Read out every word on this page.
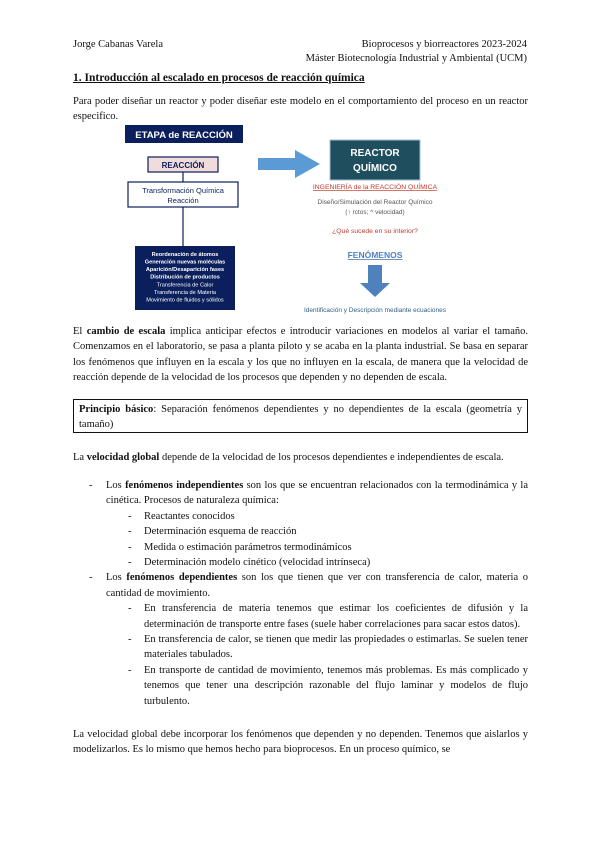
Jorge Cabanas Varela	Bioprocesos y biorreactores 2023-2024
Máster Biotecnología Industrial y Ambiental (UCM)
1. Introducción al escalado en procesos de reacción química
Para poder diseñar un reactor y poder diseñar este modelo en el comportamiento del proceso en un reactor especifico.
ETAPA de REACCIÓN
REACCIÓN
Transformación Química
Reacción
Reordenación de átomos
Generación nuevas moléculas
Aparición/Desaparición fases
Distribución de productos
Transferencia de Calor
Transferencia de Materia
Movimiento de fluidos y sólidos
REACTOR
QUÍMICO
INGENIERÍA de la REACCIÓN QUÍMICA
Diseño/Simulación del Reactor Químico
(↑ rctos; ^ velocidad)
¿Qué sucede en su interior?
FENÓMENOS
Identificación y Descripción mediante ecuaciones
El cambio de escala implica anticipar efectos e introducir variaciones en modelos al variar el tamaño. Comenzamos en el laboratorio, se pasa a planta piloto y se acaba en la planta industrial. Se basa en separar los fenómenos que influyen en la escala y los que no influyen en la escala, de manera que la velocidad de reacción depende de la velocidad de los procesos que dependen y no dependen de escala.
Principio básico: Separación fenómenos dependientes y no dependientes de la escala (geometría y tamaño)
La velocidad global depende de la velocidad de los procesos dependientes e independientes de escala.
- Los fenómenos independientes son los que se encuentran relacionados con la termodinámica y la cinética. Procesos de naturaleza química:
- Reactantes conocidos
- Determinación esquema de reacción
- Medida o estimación parámetros termodinámicos
- Determinación modelo cinético (velocidad intrínseca)
- Los fenómenos dependientes son los que tienen que ver con transferencia de calor, materia o cantidad de movimiento.
- En transferencia de materia tenemos que estimar los coeficientes de difusión y la determinación de transporte entre fases (suele haber correlaciones para sacar estos datos).
- En transferencia de calor, se tienen que medir las propiedades o estimarlas. Se suelen tener materiales tabulados.
- En transporte de cantidad de movimiento, tenemos más problemas. Es más complicado y tenemos que tener una descripción razonable del flujo laminar y modelos de flujo turbulento.
La velocidad global debe incorporar los fenómenos que dependen y no dependen. Tenemos que aislarlos y modelizarlos. Es lo mismo que hemos hecho para bioprocesos. En un proceso químico, se
